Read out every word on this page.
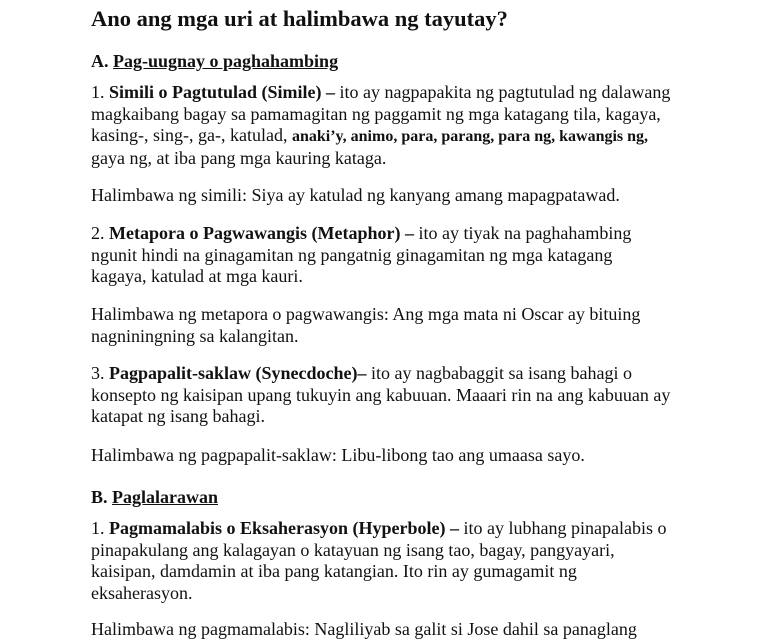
Ano ang mga uri at halimbawa ng tayutay?
A. Pag-uugnay o paghahambing

1. Simili o Pagtutulad (Simile) – ito ay nagpapakita ng pagtutulad ng dalawang
magkaibang bagay sa pamamagitan ng paggamit ng mga katagang tila, kagaya,
kasing-, sing-, ga-, katulad, anaki’y, animo, para, parang, para ng, kawangis ng,
gaya ng, at iba pang mga kauring kataga.

Halimbawa ng simili: Siya ay katulad ng kanyang amang mapagpatawad.

2. Metapora o Pagwawangis (Metaphor) – ito ay tiyak na paghahambing
ngunit hindi na ginagamitan ng pangatnig ginagamitan ng mga katagang
kagaya, katulad at mga kauri.

Halimbawa ng metapora o pagwawangis: Ang mga mata ni Oscar ay bituing
nagniningning sa kalangitan.

3. Pagpapalit-saklaw (Synecdoche)– ito ay nagbabaggit sa isang bahagi o
konsepto ng kaisipan upang tukuyin ang kabuuan. Maaari rin na ang kabuuan ay
katapat ng isang bahagi.

Halimbawa ng pagpapalit-saklaw: Libu-libong tao ang umaasa sayo.

B. Paglalarawan

1. Pagmamalabis o Eksaherasyon (Hyperbole) – ito ay lubhang pinapalabis o
pinapakulang ang kalagayan o katayuan ng isang tao, bagay, pangyayari,
kaisipan, damdamin at iba pang katangian. Ito rin ay gumagamit ng
eksaherasyon.

Halimbawa ng pagmamalabis: Nagliliyab sa galit si Jose dahil sa panaglang
